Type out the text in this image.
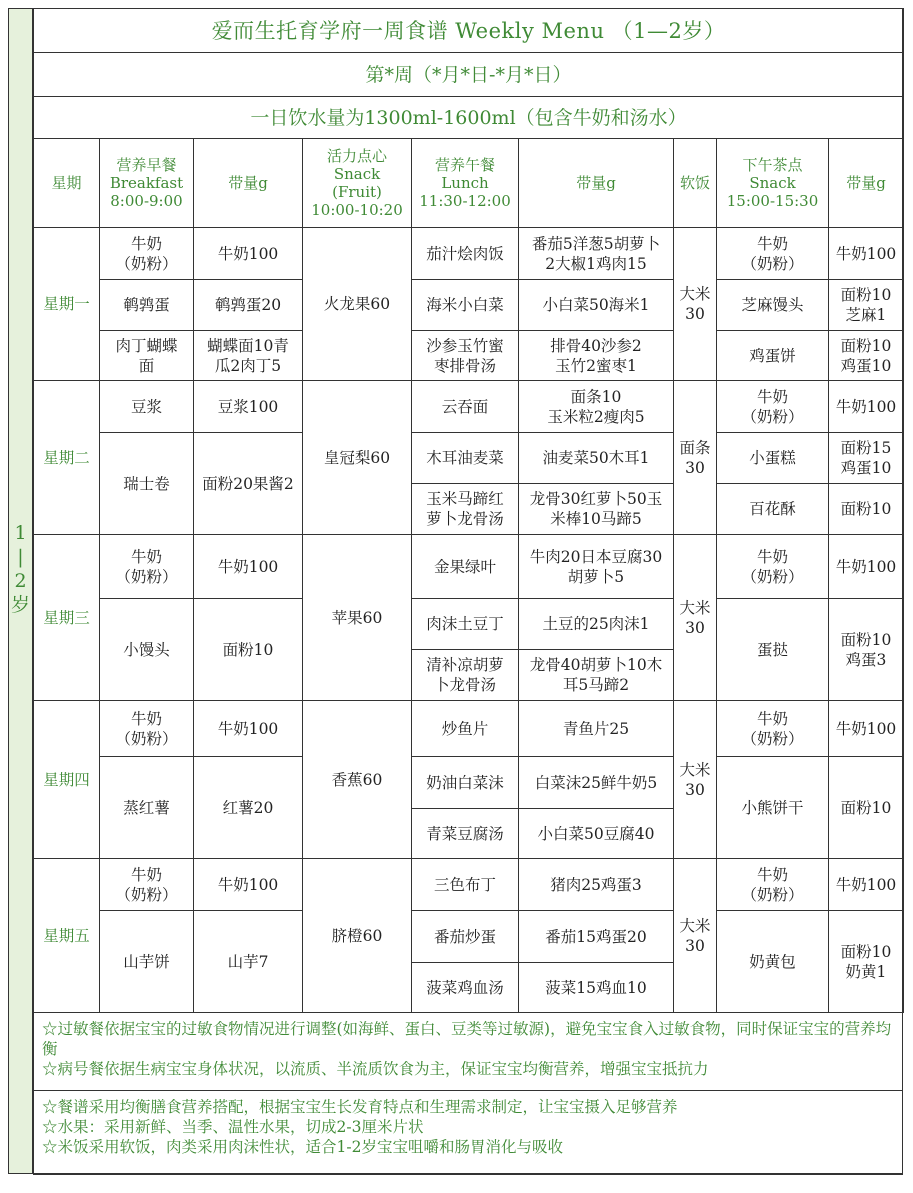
1
|
2
岁
爱而生托育学府一周食谱 Weekly Menu （1—2岁）
第*周（*月*日-*月*日）
一日饮水量为1300ml-1600ml（包含牛奶和汤水）
星期
营养早餐
Breakfast
8:00-9:00
带量g
活力点心
Snack
(Fruit)
10:00-10:20
营养午餐
Lunch
11:30-12:00
带量g	软饭
下午茶点
Snack
15:00-15:30
带量g
星期一
牛奶
（奶粉）
鹌鹑蛋
肉丁蝴蝶
面
牛奶100
鹌鹑蛋20
蝴蝶面10青
瓜2肉丁5
火龙果60
茄汁烩肉饭
海米小白菜
沙参玉竹蜜
枣排骨汤
番茄5洋葱5胡萝卜
2大椒1鸡肉15
小白菜50海米1
排骨40沙参2
玉竹2蜜枣1
大米
30
牛奶
（奶粉）
芝麻馒头
鸡蛋饼
牛奶100
面粉10
芝麻1
面粉10
鸡蛋10
星期二
豆浆
瑞士卷
豆浆100
面粉20果酱2
皇冠梨60
云吞面
木耳油麦菜
玉米马蹄红
萝卜龙骨汤
面条10
玉米粒2瘦肉5
油麦菜50木耳1
龙骨30红萝卜50玉
米棒10马蹄5
面条
30
牛奶
（奶粉）
小蛋糕
百花酥
牛奶100
面粉15
鸡蛋10
面粉10
星期三
牛奶
（奶粉）
小馒头
牛奶100
面粉10
苹果60
金果绿叶
肉沫土豆丁
清补凉胡萝
卜龙骨汤
牛肉20日本豆腐30
胡萝卜5
土豆的25肉沫1
龙骨40胡萝卜10木
耳5马蹄2
大米
30
牛奶
（奶粉）
蛋挞
牛奶100
面粉10
鸡蛋3
星期四
牛奶
（奶粉）
蒸红薯
牛奶100
红薯20
香蕉60
炒鱼片
奶油白菜沫
青菜豆腐汤
青鱼片25
白菜沫25鲜牛奶5
小白菜50豆腐40
大米
30
牛奶
（奶粉）
小熊饼干
牛奶100
面粉10
星期五
牛奶
（奶粉）
山芋饼
牛奶100
山芋7
脐橙60
三色布丁
番茄炒蛋
菠菜鸡血汤
猪肉25鸡蛋3
番茄15鸡蛋20
菠菜15鸡血10
大米
30
牛奶
（奶粉）
奶黄包
牛奶100
面粉10
奶黄1

☆过敏餐依据宝宝的过敏食物情况进行调整(如海鲜、蛋白、豆类等过敏源)，避免宝宝食入过敏食物，同时保证宝宝的营养均衡

☆病号餐依据生病宝宝身体状况，以流质、半流质饮食为主，保证宝宝均衡营养，增强宝宝抵抗力

☆餐谱采用均衡膳食营养搭配，根据宝宝生长发育特点和生理需求制定，让宝宝摄入足够营养

☆水果：采用新鲜、当季、温性水果，切成2-3厘米片状

☆米饭采用软饭，肉类采用肉沫性状，适合1-2岁宝宝咀嚼和肠胃消化与吸收
